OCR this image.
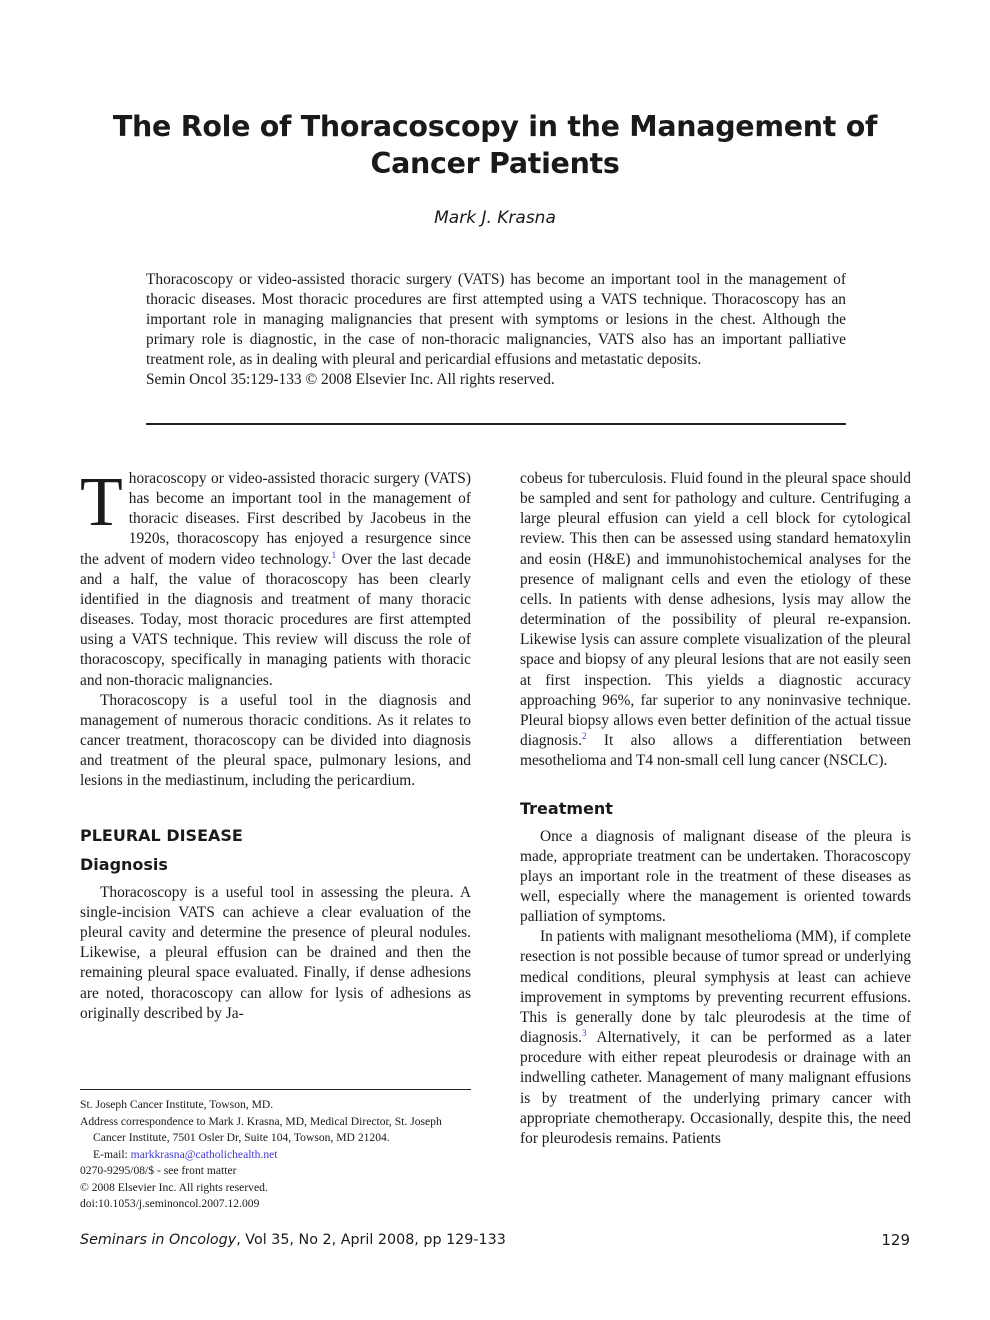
The Role of Thoracoscopy in the Management of
Cancer Patients
Mark J. Krasna
Thoracoscopy or video-assisted thoracic surgery (VATS) has become an important tool in the management of thoracic diseases. Most thoracic procedures are first attempted using a VATS technique. Thoracoscopy has an important role in managing malignancies that present with symptoms or lesions in the chest. Although the primary role is diagnostic, in the case of non-thoracic malignancies, VATS also has an important palliative treatment role, as in dealing with pleural and pericardial effusions and metastatic deposits.
Semin Oncol 35:129-133 © 2008 Elsevier Inc. All rights reserved.

Thoracoscopy or video-assisted thoracic surgery (VATS) has become an important tool in the management of thoracic diseases. First described by Jacobeus in the 1920s, thoracoscopy has enjoyed a resurgence since the advent of modern video technology.$^1$ Over the last decade and a half, the value of thoracoscopy has been clearly identified in the diagnosis and treatment of many thoracic diseases. Today, most thoracic procedures are first attempted using a VATS technique. This review will discuss the role of thoracoscopy, specifically in managing patients with thoracic and non-thoracic malignancies.

Thoracoscopy is a useful tool in the diagnosis and management of numerous thoracic conditions. As it relates to cancer treatment, thoracoscopy can be divided into diagnosis and treatment of the pleural space, pulmonary lesions, and lesions in the mediastinum, including the pericardium.

PLEURAL DISEASE
Diagnosis

Thoracoscopy is a useful tool in assessing the pleura. A single-incision VATS can achieve a clear evaluation of the pleural cavity and determine the presence of pleural nodules. Likewise, a pleural effusion can be drained and then the remaining pleural space evaluated. Finally, if dense adhesions are noted, thoracoscopy can allow for lysis of adhesions as originally described by Ja-

cobeus for tuberculosis. Fluid found in the pleural space should be sampled and sent for pathology and culture. Centrifuging a large pleural effusion can yield a cell block for cytological review. This then can be assessed using standard hematoxylin and eosin (H&E) and immunohistochemical analyses for the presence of malignant cells and even the etiology of these cells. In patients with dense adhesions, lysis may allow the determination of the possibility of pleural re-expansion. Likewise lysis can assure complete visualization of the pleural space and biopsy of any pleural lesions that are not easily seen at first inspection. This yields a diagnostic accuracy approaching 96%, far superior to any noninvasive technique. Pleural biopsy allows even better definition of the actual tissue diagnosis.$^2$ It also allows a differentiation between mesothelioma and T4 non-small cell lung cancer (NSCLC).

Treatment

Once a diagnosis of malignant disease of the pleura is made, appropriate treatment can be undertaken. Thoracoscopy plays an important role in the treatment of these diseases as well, especially where the management is oriented towards palliation of symptoms.

In patients with malignant mesothelioma (MM), if complete resection is not possible because of tumor spread or underlying medical conditions, pleural symphysis at least can achieve improvement in symptoms by preventing recurrent effusions. This is generally done by talc pleurodesis at the time of diagnosis.$^3$ Alternatively, it can be performed as a later procedure with either repeat pleurodesis or drainage with an indwelling catheter. Management of many malignant effusions is by treatment of the underlying primary cancer with appropriate chemotherapy. Occasionally, despite this, the need for pleurodesis remains. Patients

St. Joseph Cancer Institute, Towson, MD.
Address correspondence to Mark J. Krasna, MD, Medical Director, St. Joseph Cancer Institute, 7501 Osler Dr, Suite 104, Towson, MD 21204.
E-mail: markkrasna@catholichealth.net
0270-9295/08/$ - see front matter
© 2008 Elsevier Inc. All rights reserved.
doi:10.1053/j.seminoncol.2007.12.009
Seminars in Oncology, Vol 35, No 2, April 2008, pp 129-133	129
